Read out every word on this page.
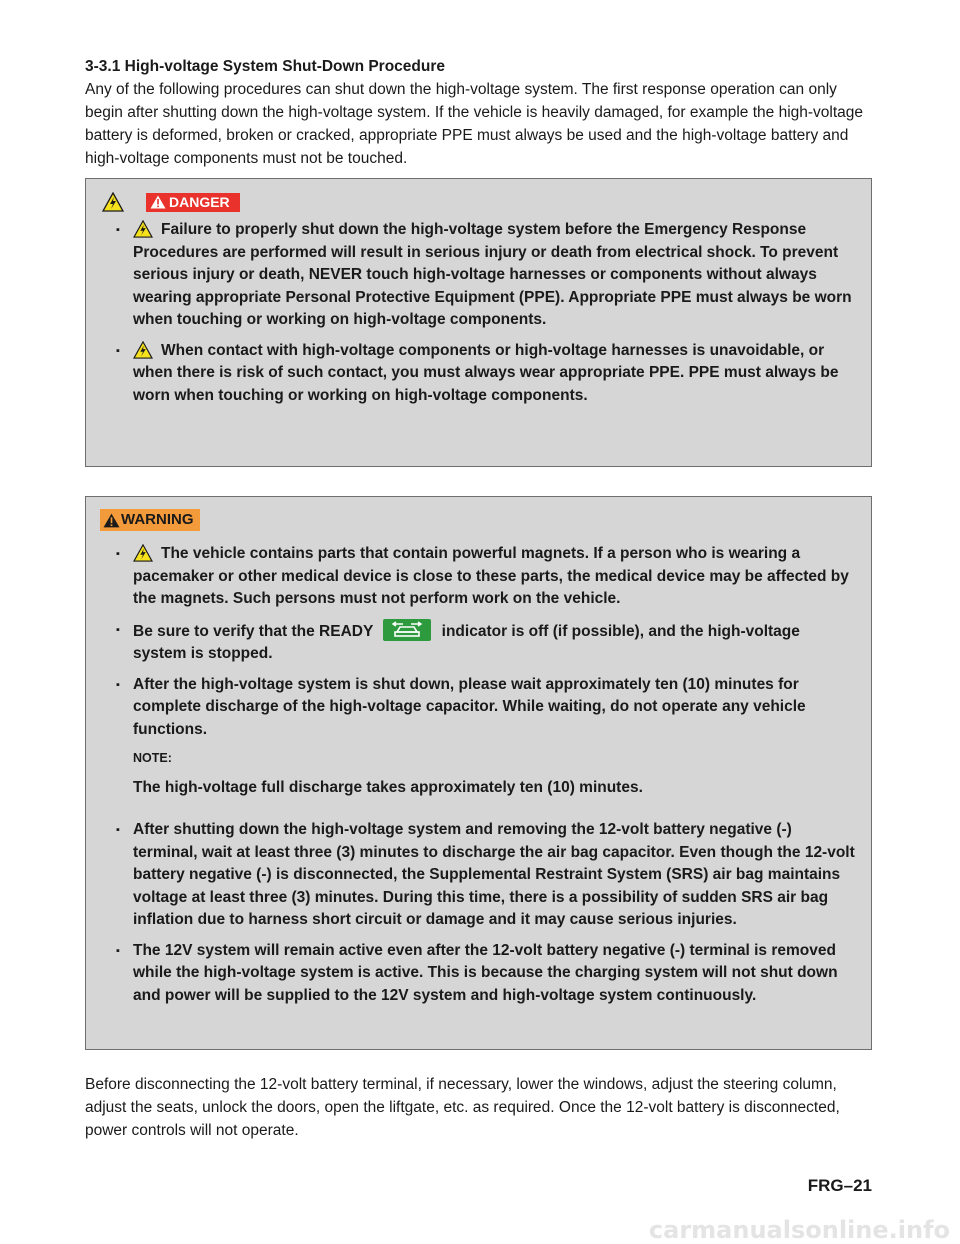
3-3.1 High-voltage System Shut-Down Procedure

Any of the following procedures can shut down the high-voltage system. The first response operation can only begin after shutting down the high-voltage system. If the vehicle is heavily damaged, for example the high-voltage battery is deformed, broken or cracked, appropriate PPE must always be used and the high-voltage battery and high-voltage components must not be touched.

DANGER
▪ Failure to properly shut down the high-voltage system before the Emergency Response Procedures are performed will result in serious injury or death from electrical shock. To prevent serious injury or death, NEVER touch high-voltage harnesses or components without always wearing appropriate Personal Protective Equipment (PPE). Appropriate PPE must always be worn when touching or working on high-voltage components.
▪ When contact with high-voltage components or high-voltage harnesses is unavoidable, or when there is risk of such contact, you must always wear appropriate PPE. PPE must always be worn when touching or working on high-voltage components.
WARNING
▪ The vehicle contains parts that contain powerful magnets. If a person who is wearing a pacemaker or other medical device is close to these parts, the medical device may be affected by the magnets. Such persons must not perform work on the vehicle.
▪ Be sure to verify that the READY	indicator is off (if possible), and the high-voltage system is stopped.
▪ After the high-voltage system is shut down, please wait approximately ten (10) minutes for complete discharge of the high-voltage capacitor. While waiting, do not operate any vehicle functions.
NOTE:
The high-voltage full discharge takes approximately ten (10) minutes.
▪ After shutting down the high-voltage system and removing the 12-volt battery negative (-) terminal, wait at least three (3) minutes to discharge the air bag capacitor. Even though the 12-volt battery negative (-) is disconnected, the Supplemental Restraint System (SRS) air bag maintains voltage at least three (3) minutes. During this time, there is a possibility of sudden SRS air bag inflation due to harness short circuit or damage and it may cause serious injuries.
▪ The 12V system will remain active even after the 12-volt battery negative (-) terminal is removed while the high-voltage system is active. This is because the charging system will not shut down and power will be supplied to the 12V system and high-voltage system continuously.

Before disconnecting the 12-volt battery terminal, if necessary, lower the windows, adjust the steering column, adjust the seats, unlock the doors, open the liftgate, etc. as required. Once the 12-volt battery is disconnected, power controls will not operate.

FRG–21
carmanualsonline.info
